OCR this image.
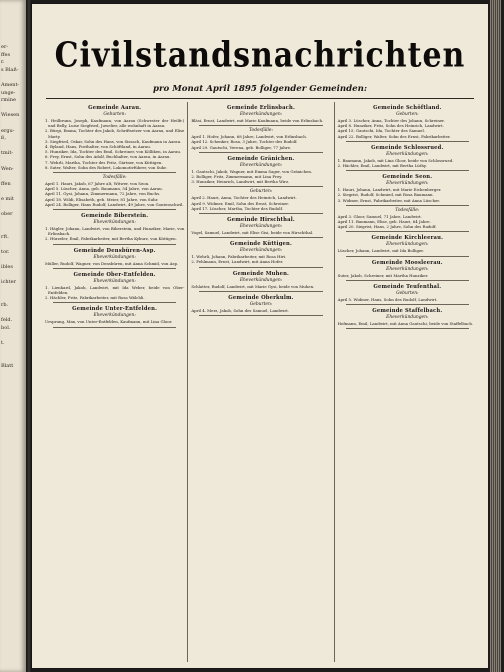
er-
ffes
r.
s Blaß-

Ament-
unge-
rmine

Wiesen

ergu-
ß,

tmit-

Wen-

ffen

e mit

ober

rft.

tor.

ibles

ichter

rb.

feld.
bol.

t.

Blatt
Civilstandsnachrichten
pro Monat April 1895 folgender Gemeinden:
Gemeinde Aarau.
Geburten:

1. Heilbrunn, Joseph, Kaufmann, von Aarau (Schwester der Heilfr.) und Belly, Luise Siegfried, Juwelier, alle wohnhaft in Aarau.

2. Bürgi, Emma, Tochter des Jakob, Schriftsetzer von Aarau, und Elise Marty.

3. Siegfried, Oskar, Sohn des Hans, von Sissach, Kaufmann in Aarau.

4. Byland, Hans, Posthalter, von Schöftland, in Aarau.

5. Hunziker, Ida, Tochter des Emil, Schreiner, von Kölliken, in Aarau.

6. Frey, Ernst, Sohn des Adolf, Buchhalter, von Aarau, in Aarau.

7. Wehrli, Martha, Tochter des Fritz, Gärtner, von Küttigen.

8. Suter, Walter, Sohn des Robert, Lokomotivführer, von Suhr.

Todesfälle:

April 1. Hauri, Jakob, 67 Jahre alt, Witwer, von Seon.

April 5. Lüscher, Anna, geb. Baumann, 54 Jahre, von Aarau.

April 11. Gysi, Johann, Zimmermann, 72 Jahre, von Buchs.

April 18. Wildi, Elisabeth, geb. Meier, 81 Jahre, von Suhr.

April 24. Bolliger, Hans Rudolf, Landwirt, 49 Jahre, von Gontenschwil.

Gemeinde Biberstein.
Eheverkündungen:

1. Hägler, Johann, Landwirt, von Biberstein, und Hunziker, Marie, von Erlinsbach.

2. Hürzeler, Emil, Fabrikarbeiter, mit Bertha Kyburz, von Küttigen.

Gemeinde Densbüren-Asp.
Eheverkündungen:

Müller, Rudolf, Wagner, von Densbüren, mit Anna Schmid, von Asp.

Gemeinde Ober-Entfelden.
Eheverkündungen:

1. Lienhard, Jakob, Landwirt, mit Ida Weber, beide von Ober-Entfelden.

2. Hächler, Fritz, Fabrikarbeiter, mit Rosa Wälchli.

Gemeinde Unter-Entfelden.
Eheverkündungen:

Ursprung, Max, von Unter-Entfelden, Kaufmann, mit Lina Gloor.

Gemeinde Erlinsbach.
Eheverkündungen:

Bläsi, Ernst, Landwirt, mit Marie Kaufmann, beide von Erlinsbach.

Todesfälle:

April 1. Hofer, Johann, 68 Jahre, Landwirt, von Erlinsbach.

April 12. Schenker, Rosa, 3 Jahre, Tochter des Rudolf.

April 29. Gautschi, Verena, geb. Bolliger, 77 Jahre.

Gemeinde Gränichen.
Eheverkündungen:

1. Gautschi, Jakob, Wagner, mit Emma Sager, von Gränichen.

2. Bolliger, Fritz, Zimmermann, mit Lina Frey.

3. Hunziker, Heinrich, Landwirt, mit Bertha Wirz.

Geburten:

April 2. Hauri, Anna, Tochter des Heinrich, Landwirt.

April 9. Widmer, Emil, Sohn des Ernst, Schreiner.

April 17. Lüscher, Martha, Tochter des Rudolf.

Gemeinde Hirschthal.
Eheverkündungen:

Vogel, Samuel, Landwirt, mit Elise Gisi, beide von Hirschthal.

Gemeinde Küttigen.
Eheverkündungen:

1. Wehrli, Johann, Fabrikarbeiter, mit Rosa Hirt.

2. Fehlmann, Ernst, Landwirt, mit Anna Hofer.

Gemeinde Muhen.
Eheverkündungen:

Schlatter, Rudolf, Landwirt, mit Marie Gysi, beide von Muhen.

Gemeinde Oberkulm.
Geburten:

April 4. Merz, Jakob, Sohn des Samuel, Landwirt.

Gemeinde Schöftland.
Geburten:

April 3. Lüscher, Anna, Tochter des Johann, Schreiner.

April 8. Hunziker, Fritz, Sohn des Heinrich, Landwirt.

April 15. Gautschi, Ida, Tochter des Samuel.

April 22. Bolliger, Walter, Sohn des Ernst, Fabrikarbeiter.

Gemeinde Schlossrued.
Eheverkündungen:

1. Baumann, Jakob, mit Lina Gloor, beide von Schlossrued.

2. Hächler, Emil, Landwirt, mit Bertha Lüthy.

Gemeinde Seon.
Eheverkündungen:

1. Hauri, Johann, Landwirt, mit Marie Eichenberger.

2. Siegrist, Rudolf, Schmied, mit Rosa Baumann.

3. Widmer, Ernst, Fabrikarbeiter, mit Anna Lüscher.

Todesfälle:

April 3. Gloor, Samuel, 71 Jahre, Landwirt.

April 11. Baumann, Elise, geb. Hauri, 64 Jahre.

April 20. Siegrist, Hans, 2 Jahre, Sohn des Rudolf.

Gemeinde Kirchleerau.
Eheverkündungen:

Lüscher, Johann, Landwirt, mit Ida Bolliger.

Gemeinde Moosleerau.
Eheverkündungen:

Suter, Jakob, Schreiner, mit Martha Hunziker.

Gemeinde Teufenthal.
Geburten:

April 5. Widmer, Hans, Sohn des Rudolf, Landwirt.

Gemeinde Staffelbach.
Eheverkündungen:

Hofmann, Emil, Landwirt, mit Anna Gautschi, beide von Staffelbach.
